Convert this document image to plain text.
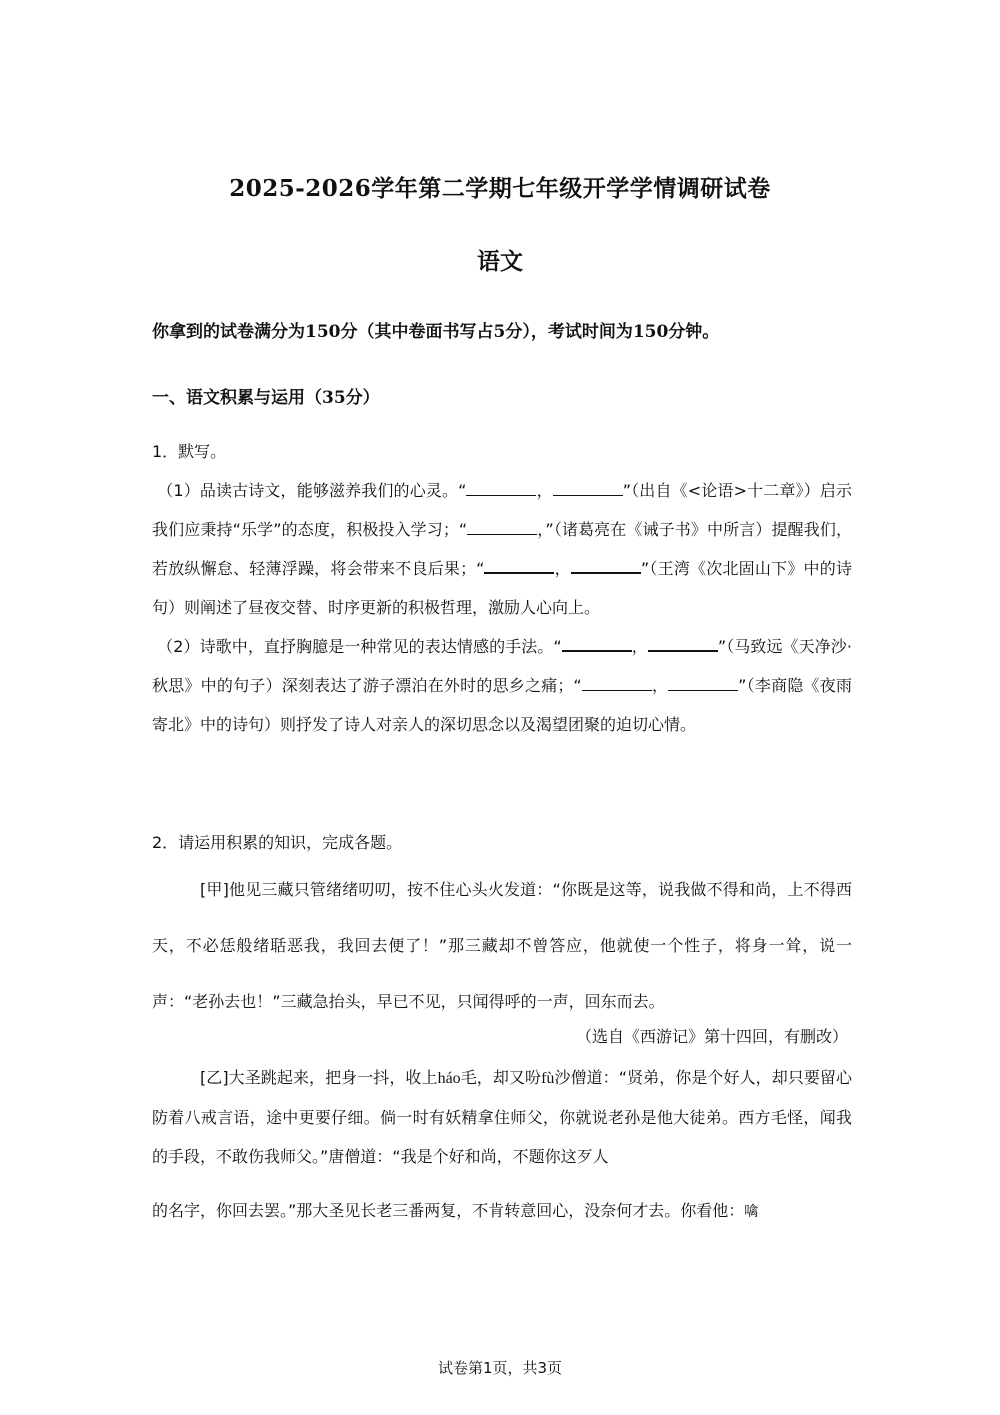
2025-2026学年第二学期七年级开学学情调研试卷
语文
你拿到的试卷满分为150分（其中卷面书写占5分），考试时间为150分钟。
一、语文积累与运用（35分）

1．默写。

（1）品读古诗文，能够滋养我们的心灵。“	，	”（出自《<论语>十二章》）启示我们应秉持“乐学”的态度，积极投入学习；“	，”（诸葛亮在《诫子书》中所言）提醒我们，若放纵懈怠、轻薄浮躁，将会带来不良后果；“	，	”（王湾《次北固山下》中的诗句）则阐述了昼夜交替、时序更新的积极哲理，激励人心向上。

（2）诗歌中，直抒胸臆是一种常见的表达情感的手法。“	，	”（马致远《天净沙·秋思》中的句子）深刻表达了游子漂泊在外时的思乡之痛；“	，	”（李商隐《夜雨寄北》中的诗句）则抒发了诗人对亲人的深切思念以及渴望团聚的迫切心情。

2．请运用积累的知识，完成各题。

[甲]他见三藏只管绪绪叨叨，按不住心头火发道：“你既是这等，说我做不得和尚，上不得西天，不必恁般绪聒恶我，我回去便了！”那三藏却不曾答应，他就使一个性子，将身一耸，说一声：“老孙去也！”三藏急抬头，早已不见，只闻得呼的一声，回东而去。

（选自《西游记》第十四回，有删改）

[乙]大圣跳起来，把身一抖，收上háo毛，却又吩fù沙僧道：“贤弟，你是个好人，却只要留心防着八戒言语，途中更要仔细。倘一时有妖精拿住师父，你就说老孙是他大徒弟。西方毛怪，闻我的手段，不敢伤我师父。”唐僧道：“我是个好和尚，不题你这歹人

的名字，你回去罢。”那大圣见长老三番两复，不肯转意回心，没奈何才去。你看他：噙

试卷第1页，共3页
